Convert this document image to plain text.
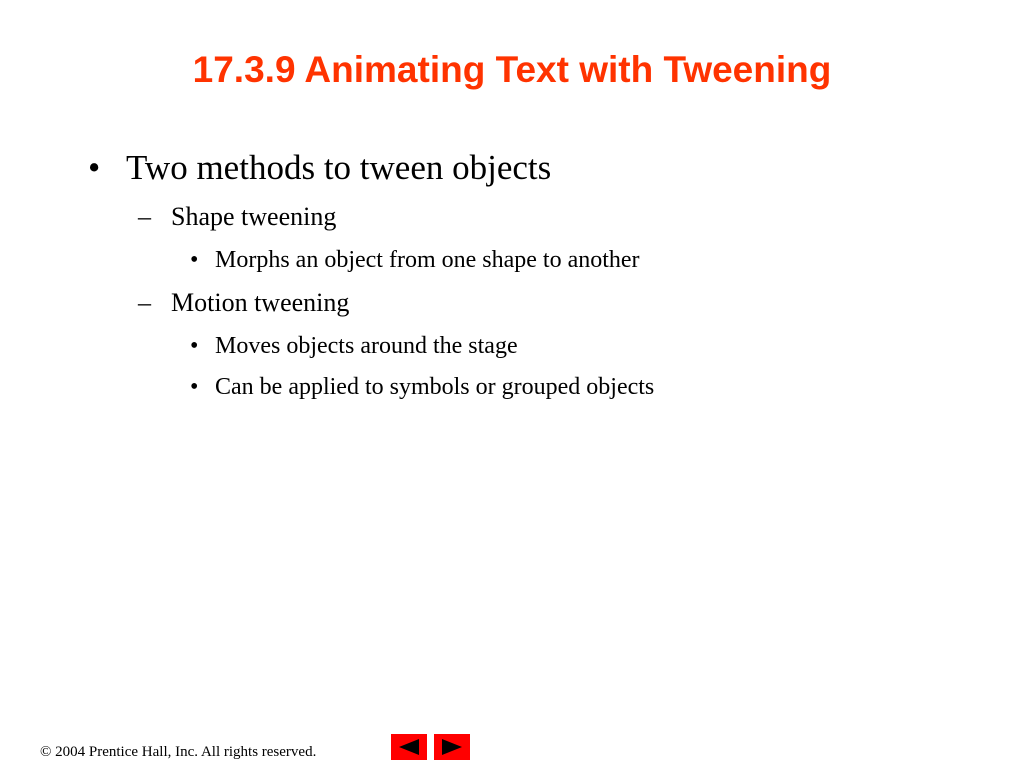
17.3.9 Animating Text with Tweening
• Two methods to tween objects
– Shape tweening
• Morphs an object from one shape to another
– Motion tweening
• Moves objects around the stage
• Can be applied to symbols or grouped objects
© 2004 Prentice Hall, Inc. All rights reserved.
